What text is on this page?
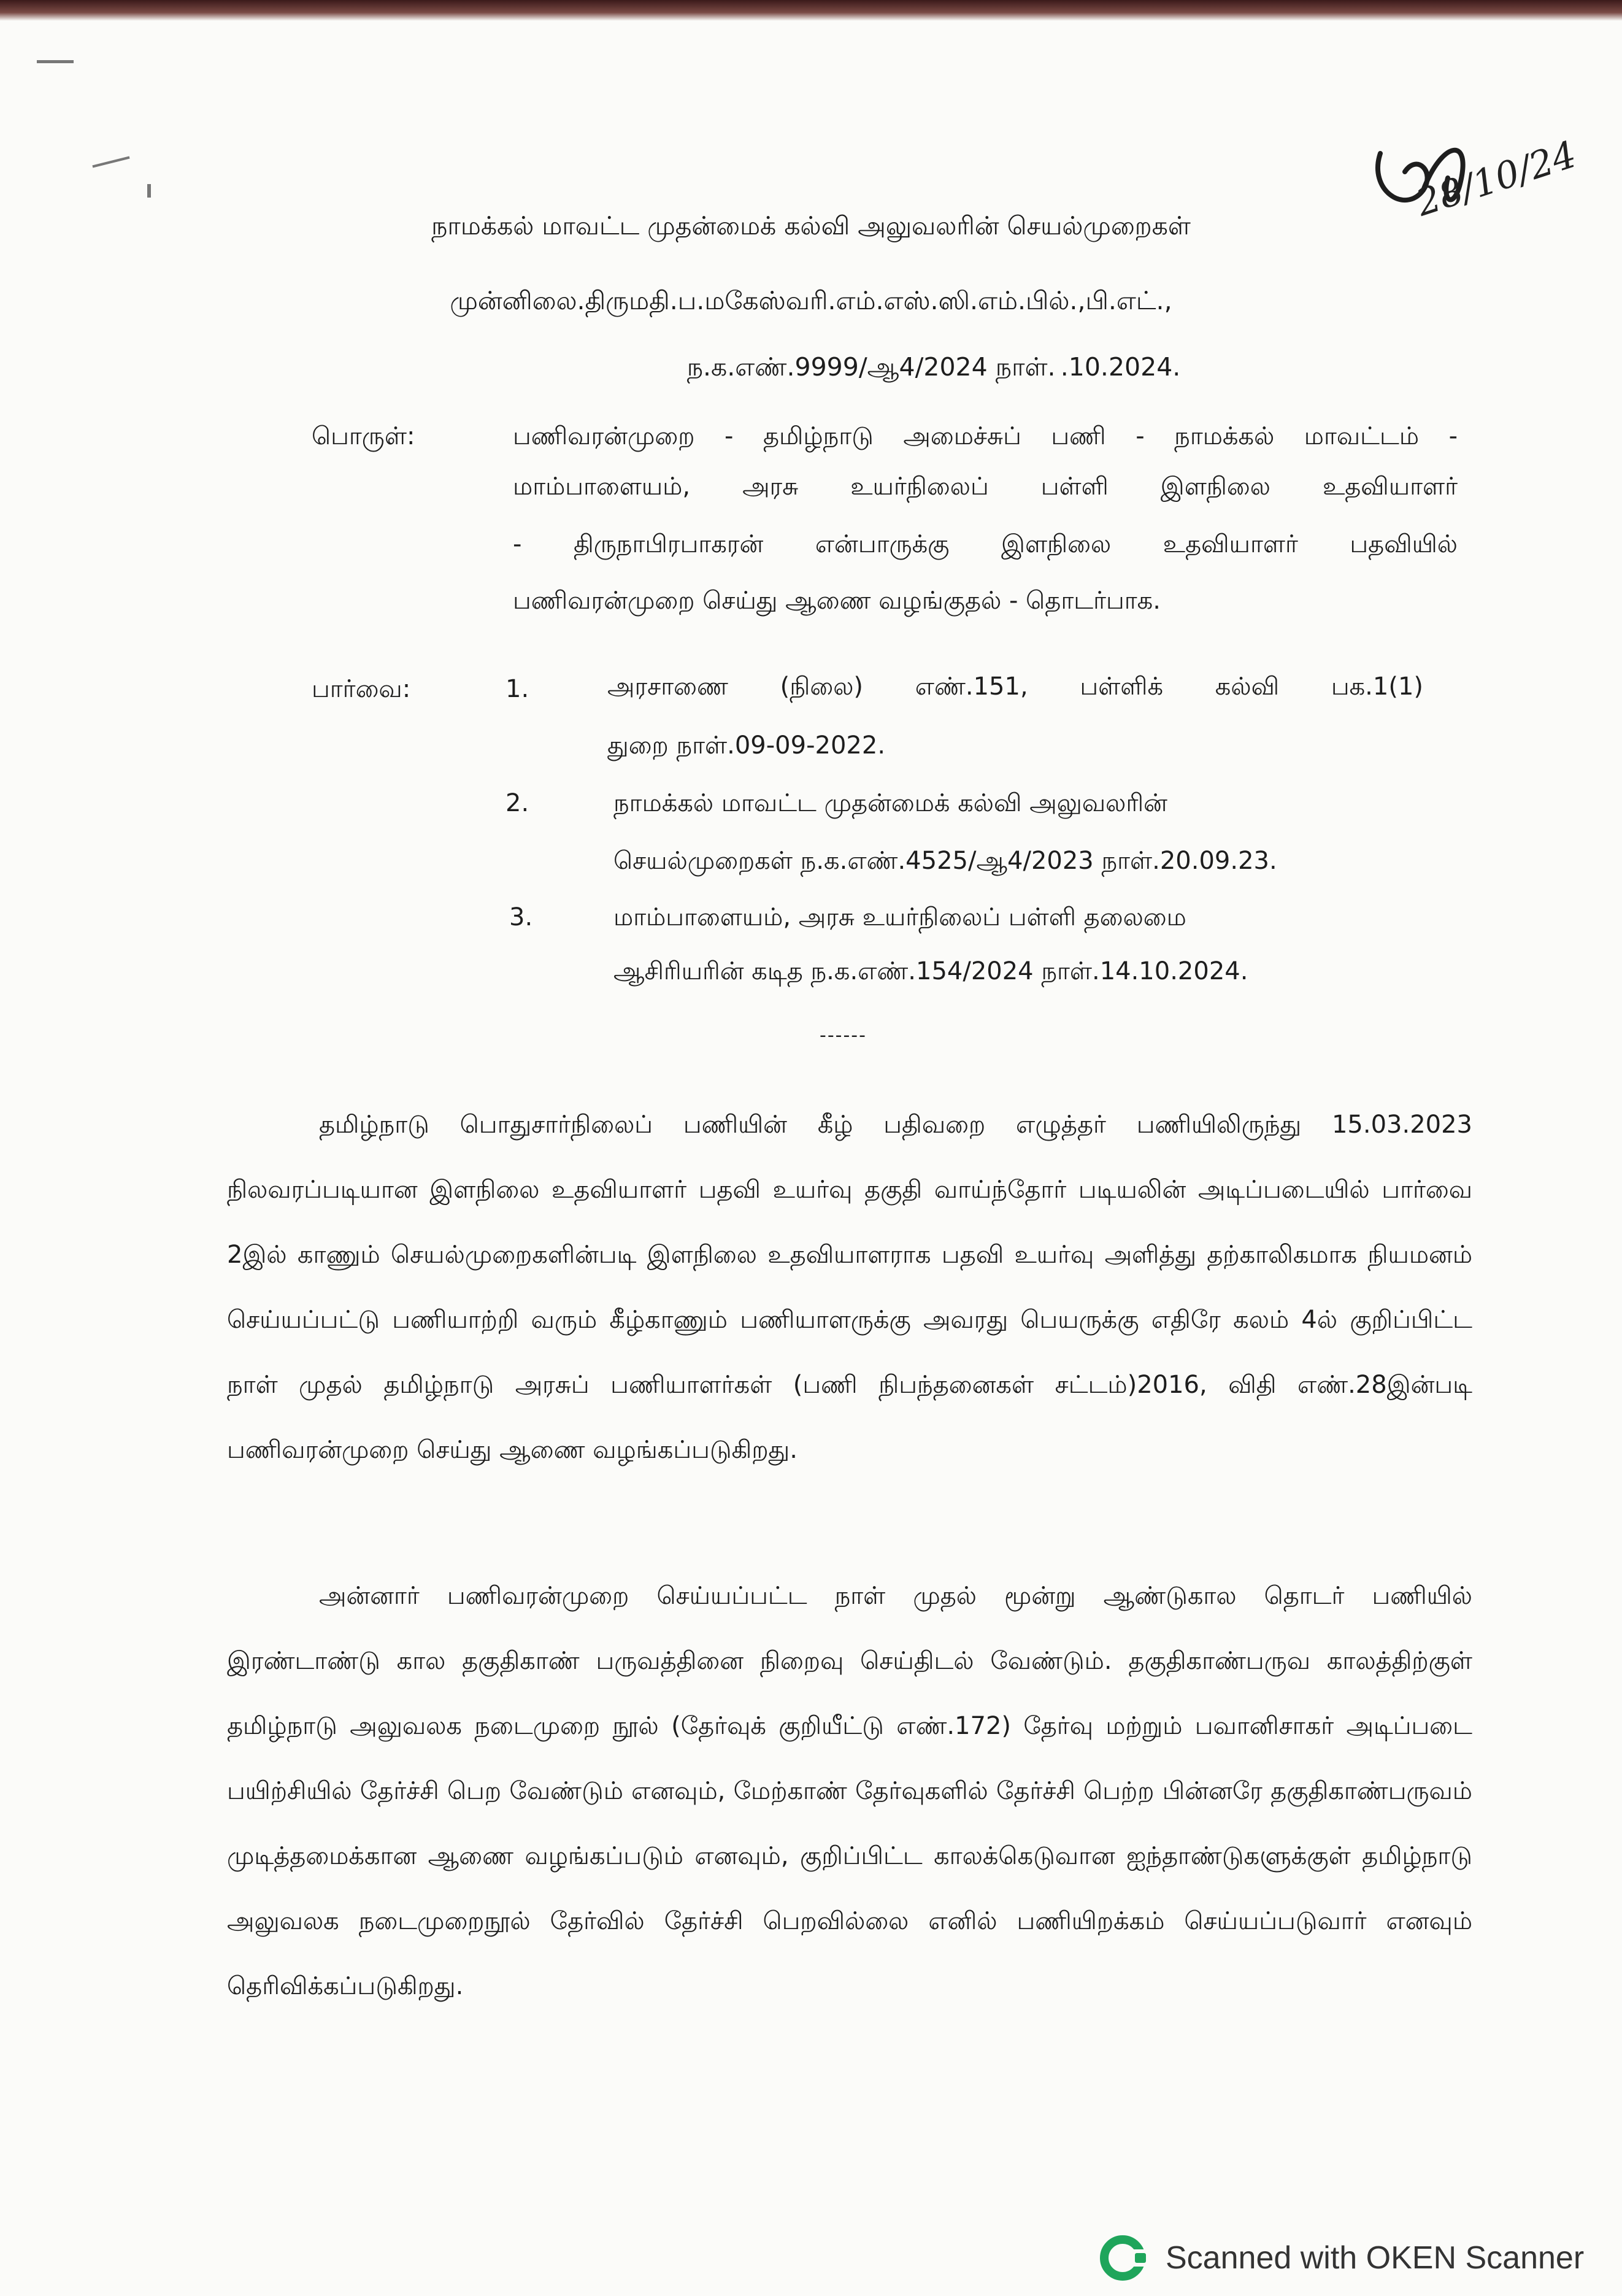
28/10/24
நாமக்கல் மாவட்ட முதன்மைக் கல்வி அலுவலரின் செயல்முறைகள்
முன்னிலை.திருமதி.ப.மகேஸ்வரி.எம்.எஸ்.ஸி.எம்.பில்.,பி.எட்.,
ந.க.எண்.9999/ஆ4/2024 நாள். .10.2024.
பொருள்:	பணிவரன்முறை - தமிழ்நாடு அமைச்சுப் பணி - நாமக்கல் மாவட்டம் -
மாம்பாளையம், அரசு உயர்நிலைப் பள்ளி இளநிலை உதவியாளர்
- திருநாபிரபாகரன் என்பாருக்கு இளநிலை உதவியாளர் பதவியில்
பணிவரன்முறை செய்து ஆணை வழங்குதல் - தொடர்பாக.
பார்வை:	1.	அரசாணை (நிலை) எண்.151, பள்ளிக் கல்வி பக.1(1)
துறை நாள்.09-09-2022.
2.	நாமக்கல் மாவட்ட முதன்மைக் கல்வி அலுவலரின்
செயல்முறைகள் ந.க.எண்.4525/ஆ4/2023 நாள்.20.09.23.
3.	மாம்பாளையம், அரசு உயர்நிலைப் பள்ளி தலைமை
ஆசிரியரின் கடித ந.க.எண்.154/2024 நாள்.14.10.2024.
------
தமிழ்நாடு பொதுசார்நிலைப் பணியின் கீழ் பதிவறை எழுத்தர் பணியிலிருந்து 15.03.2023 நிலவரப்படியான இளநிலை உதவியாளர் பதவி உயர்வு தகுதி வாய்ந்தோர் படியலின் அடிப்படையில் பார்வை 2இல் காணும் செயல்முறைகளின்படி இளநிலை உதவியாளராக பதவி உயர்வு அளித்து தற்காலிகமாக நியமனம் செய்யப்பட்டு பணியாற்றி வரும் கீழ்காணும் பணியாளருக்கு அவரது பெயருக்கு எதிரே கலம் 4ல் குறிப்பிட்ட நாள் முதல் தமிழ்நாடு அரசுப் பணியாளர்கள் (பணி நிபந்தனைகள் சட்டம்)2016, விதி எண்.28இன்படி பணிவரன்முறை செய்து ஆணை வழங்கப்படுகிறது.
அன்னார் பணிவரன்முறை செய்யப்பட்ட நாள் முதல் மூன்று ஆண்டுகால தொடர் பணியில் இரண்டாண்டு கால தகுதிகாண் பருவத்தினை நிறைவு செய்திடல் வேண்டும். தகுதிகாண்பருவ காலத்திற்குள் தமிழ்நாடு அலுவலக நடைமுறை நூல் (தேர்வுக் குறியீட்டு எண்.172) தேர்வு மற்றும் பவானிசாகர் அடிப்படை பயிற்சியில் தேர்ச்சி பெற வேண்டும் எனவும், மேற்காண் தேர்வுகளில் தேர்ச்சி பெற்ற பின்னரே தகுதிகாண்பருவம் முடித்தமைக்கான ஆணை வழங்கப்படும் எனவும், குறிப்பிட்ட காலக்கெடுவான ஐந்தாண்டுகளுக்குள் தமிழ்நாடு அலுவலக நடைமுறைநூல் தேர்வில் தேர்ச்சி பெறவில்லை எனில் பணியிறக்கம் செய்யப்படுவார் எனவும் தெரிவிக்கப்படுகிறது.
Scanned with OKEN Scanner
